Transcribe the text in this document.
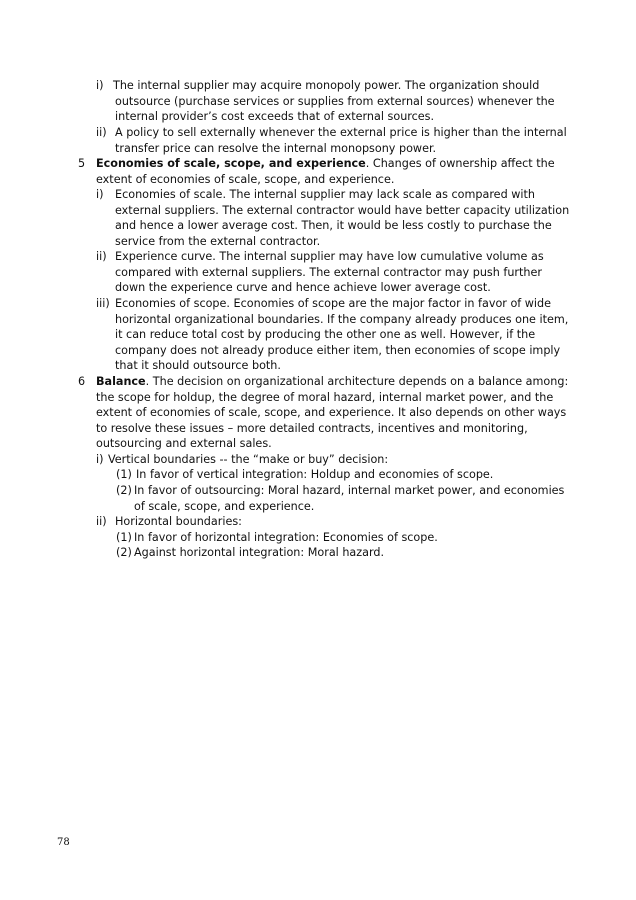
i) The internal supplier may acquire monopoly power. The organization should
outsource (purchase services or supplies from external sources) whenever the
internal provider’s cost exceeds that of external sources.
ii) A policy to sell externally whenever the external price is higher than the internal
transfer price can resolve the internal monopsony power.
5 Economies of scale, scope, and experience. Changes of ownership affect the
extent of economies of scale, scope, and experience.
i) Economies of scale. The internal supplier may lack scale as compared with
external suppliers. The external contractor would have better capacity utilization
and hence a lower average cost. Then, it would be less costly to purchase the
service from the external contractor.
ii) Experience curve. The internal supplier may have low cumulative volume as
compared with external suppliers. The external contractor may push further
down the experience curve and hence achieve lower average cost.
iii) Economies of scope. Economies of scope are the major factor in favor of wide
horizontal organizational boundaries. If the company already produces one item,
it can reduce total cost by producing the other one as well. However, if the
company does not already produce either item, then economies of scope imply
that it should outsource both.
6 Balance. The decision on organizational architecture depends on a balance among:
the scope for holdup, the degree of moral hazard, internal market power, and the
extent of economies of scale, scope, and experience. It also depends on other ways
to resolve these issues – more detailed contracts, incentives and monitoring,
outsourcing and external sales.
i) Vertical boundaries -- the “make or buy” decision:
(1) In favor of vertical integration: Holdup and economies of scope.
(2) In favor of outsourcing: Moral hazard, internal market power, and economies
of scale, scope, and experience.
ii) Horizontal boundaries:
(1) In favor of horizontal integration: Economies of scope.
(2) Against horizontal integration: Moral hazard.
78
